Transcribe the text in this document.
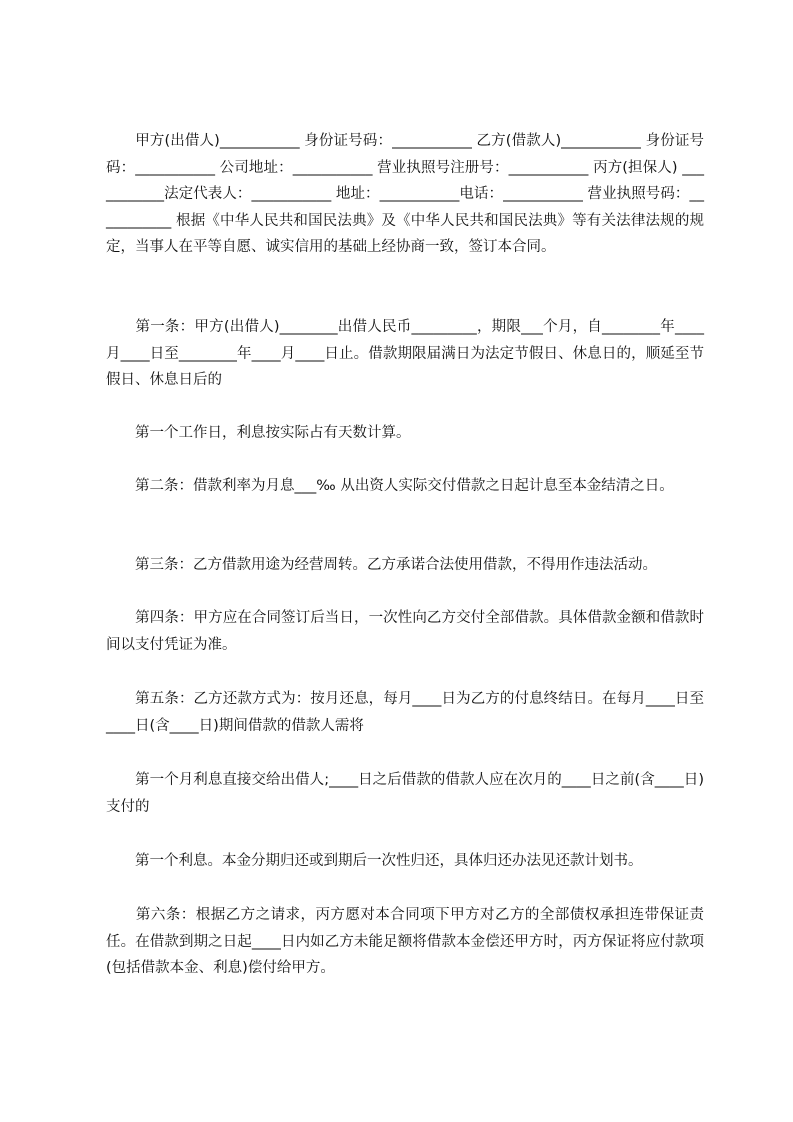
　　甲方(出借人)___________ 身份证号码：___________ 乙方(借款人)___________ 身份证号码：___________ 公司地址：___________ 营业执照号注册号：___________ 丙方(担保人) ___________法定代表人：___________ 地址：___________电话：___________ 营业执照号码：___________ 根据《中华人民共和国民法典》及《中华人民共和国民法典》等有关法律法规的规定，当事人在平等自愿、诚实信用的基础上经协商一致，签订本合同。

　　第一条：甲方(出借人)________出借人民币_________，期限___个月，自________年____月____日至________年____月____日止。借款期限届满日为法定节假日、休息日的，顺延至节假日、休息日后的

　　第一个工作日，利息按实际占有天数计算。

　　第二条：借款利率为月息___‰ 从出资人实际交付借款之日起计息至本金结清之日。

　　第三条：乙方借款用途为经营周转。乙方承诺合法使用借款，不得用作违法活动。

　　第四条：甲方应在合同签订后当日，一次性向乙方交付全部借款。具体借款金额和借款时间以支付凭证为准。

　　第五条：乙方还款方式为：按月还息，每月____日为乙方的付息终结日。在每月____日至____日(含____日)期间借款的借款人需将

　　第一个月利息直接交给出借人;____日之后借款的借款人应在次月的____日之前(含____日)支付的

　　第一个利息。本金分期归还或到期后一次性归还，具体归还办法见还款计划书。

　　第六条：根据乙方之请求，丙方愿对本合同项下甲方对乙方的全部债权承担连带保证责任。在借款到期之日起____日内如乙方未能足额将借款本金偿还甲方时，丙方保证将应付款项(包括借款本金、利息)偿付给甲方。
